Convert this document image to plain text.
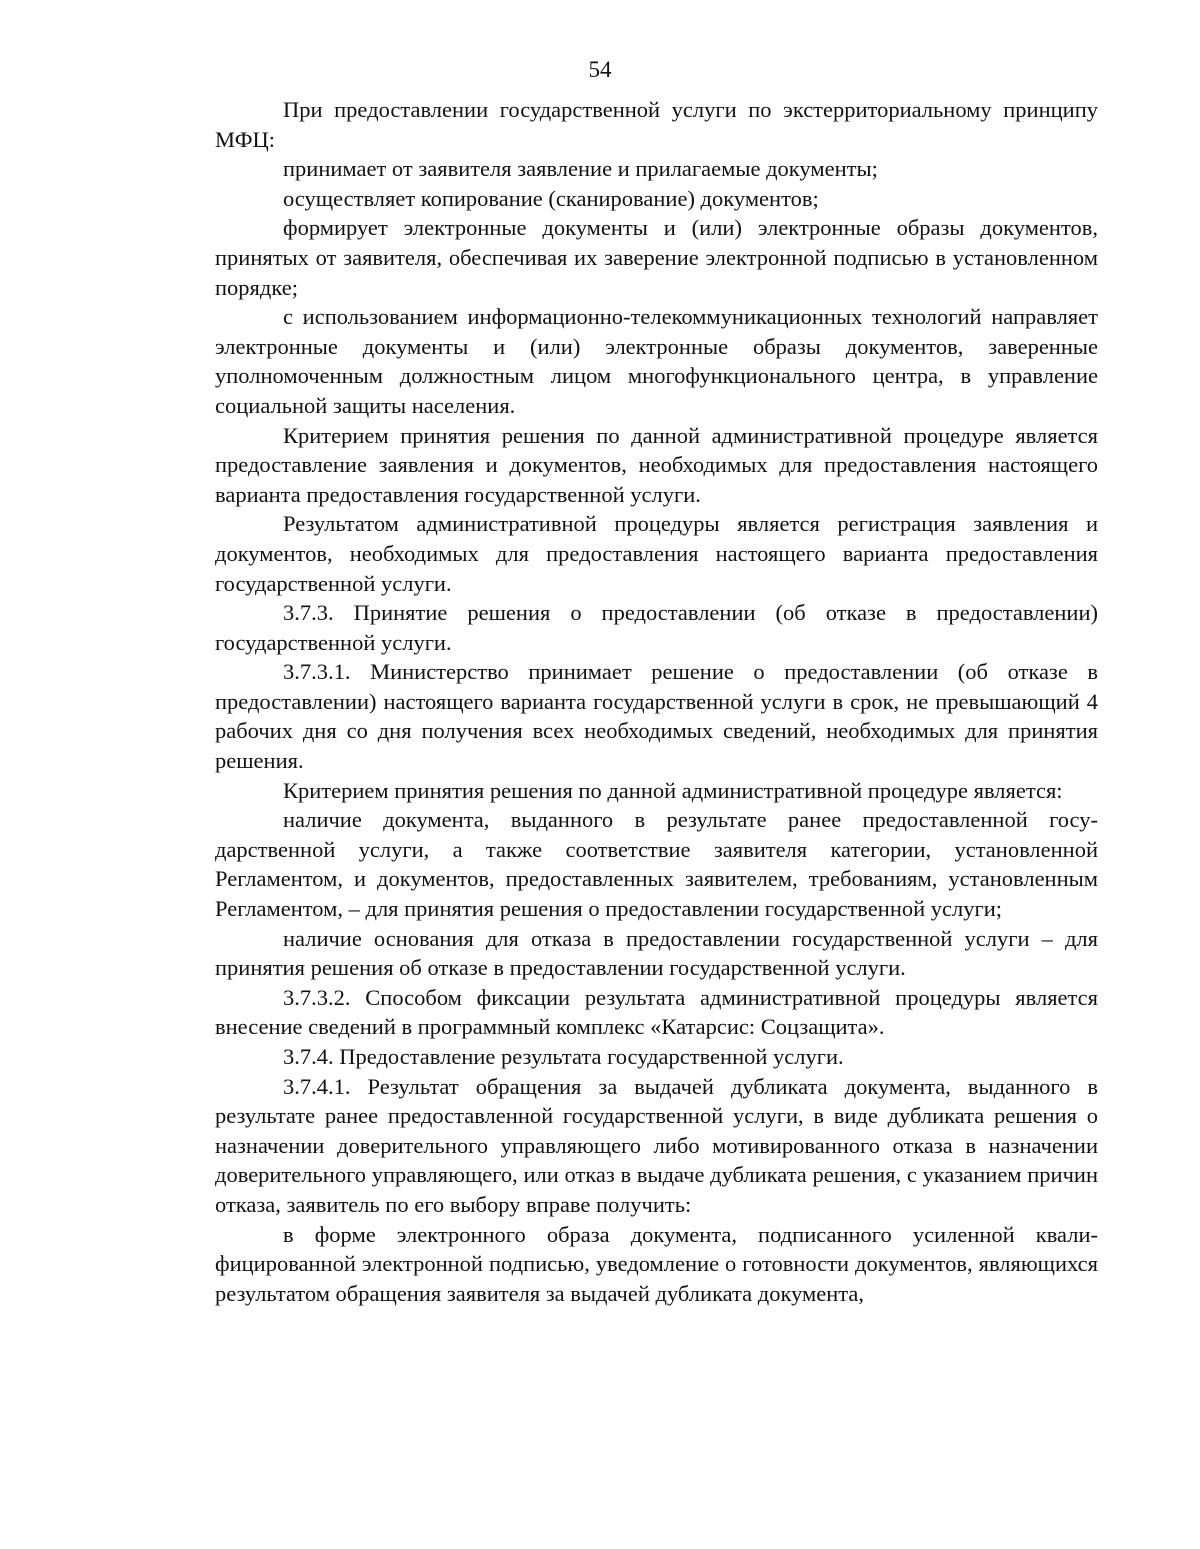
54

При предоставлении государственной услуги по экстерриториальному принципу МФЦ:

принимает от заявителя заявление и прилагаемые документы;

осуществляет копирование (сканирование) документов;

формирует электронные документы и (или) электронные образы документов, принятых от заявителя, обеспечивая их заверение электронной подписью в установленном порядке;

с использованием информационно-телекоммуникационных технологий направляет электронные документы и (или) электронные образы документов, заверенные уполномоченным должностным лицом многофункционального центра, в управление социальной защиты населения.

Критерием принятия решения по данной административной процедуре является предоставление заявления и документов, необходимых для предоставления настоящего варианта предоставления государственной услуги.

Результатом административной процедуры является регистрация заявления и документов, необходимых для предоставления настоящего варианта предоставления государственной услуги.

3.7.3. Принятие решения о предоставлении (об отказе в предоставлении) государственной услуги.

3.7.3.1. Министерство принимает решение о предоставлении (об отказе в предоставлении) настоящего варианта государственной услуги в срок, не превышающий 4 рабочих дня со дня получения всех необходимых сведений, необходимых для принятия решения.

Критерием принятия решения по данной административной процедуре является:

наличие документа, выданного в результате ранее предоставленной государственной услуги, а также соответствие заявителя категории, установленной Регламентом, и документов, предоставленных заявителем, требованиям, установленным Регламентом, – для принятия решения о предоставлении государственной услуги;

наличие основания для отказа в предоставлении государственной услуги – для принятия решения об отказе в предоставлении государственной услуги.

3.7.3.2. Способом фиксации результата административной процедуры является внесение сведений в программный комплекс «Катарсис: Соцзащита».

3.7.4. Предоставление результата государственной услуги.

3.7.4.1. Результат обращения за выдачей дубликата документа, выданного в результате ранее предоставленной государственной услуги, в виде дубликата решения о назначении доверительного управляющего либо мотивированного отказа в назначении доверительного управляющего, или отказ в выдаче дубликата решения, с указанием причин отказа, заявитель по его выбору вправе получить:

в форме электронного образа документа, подписанного усиленной квалифицированной электронной подписью, уведомление о готовности документов, являющихся результатом обращения заявителя за выдачей дубликата документа,
